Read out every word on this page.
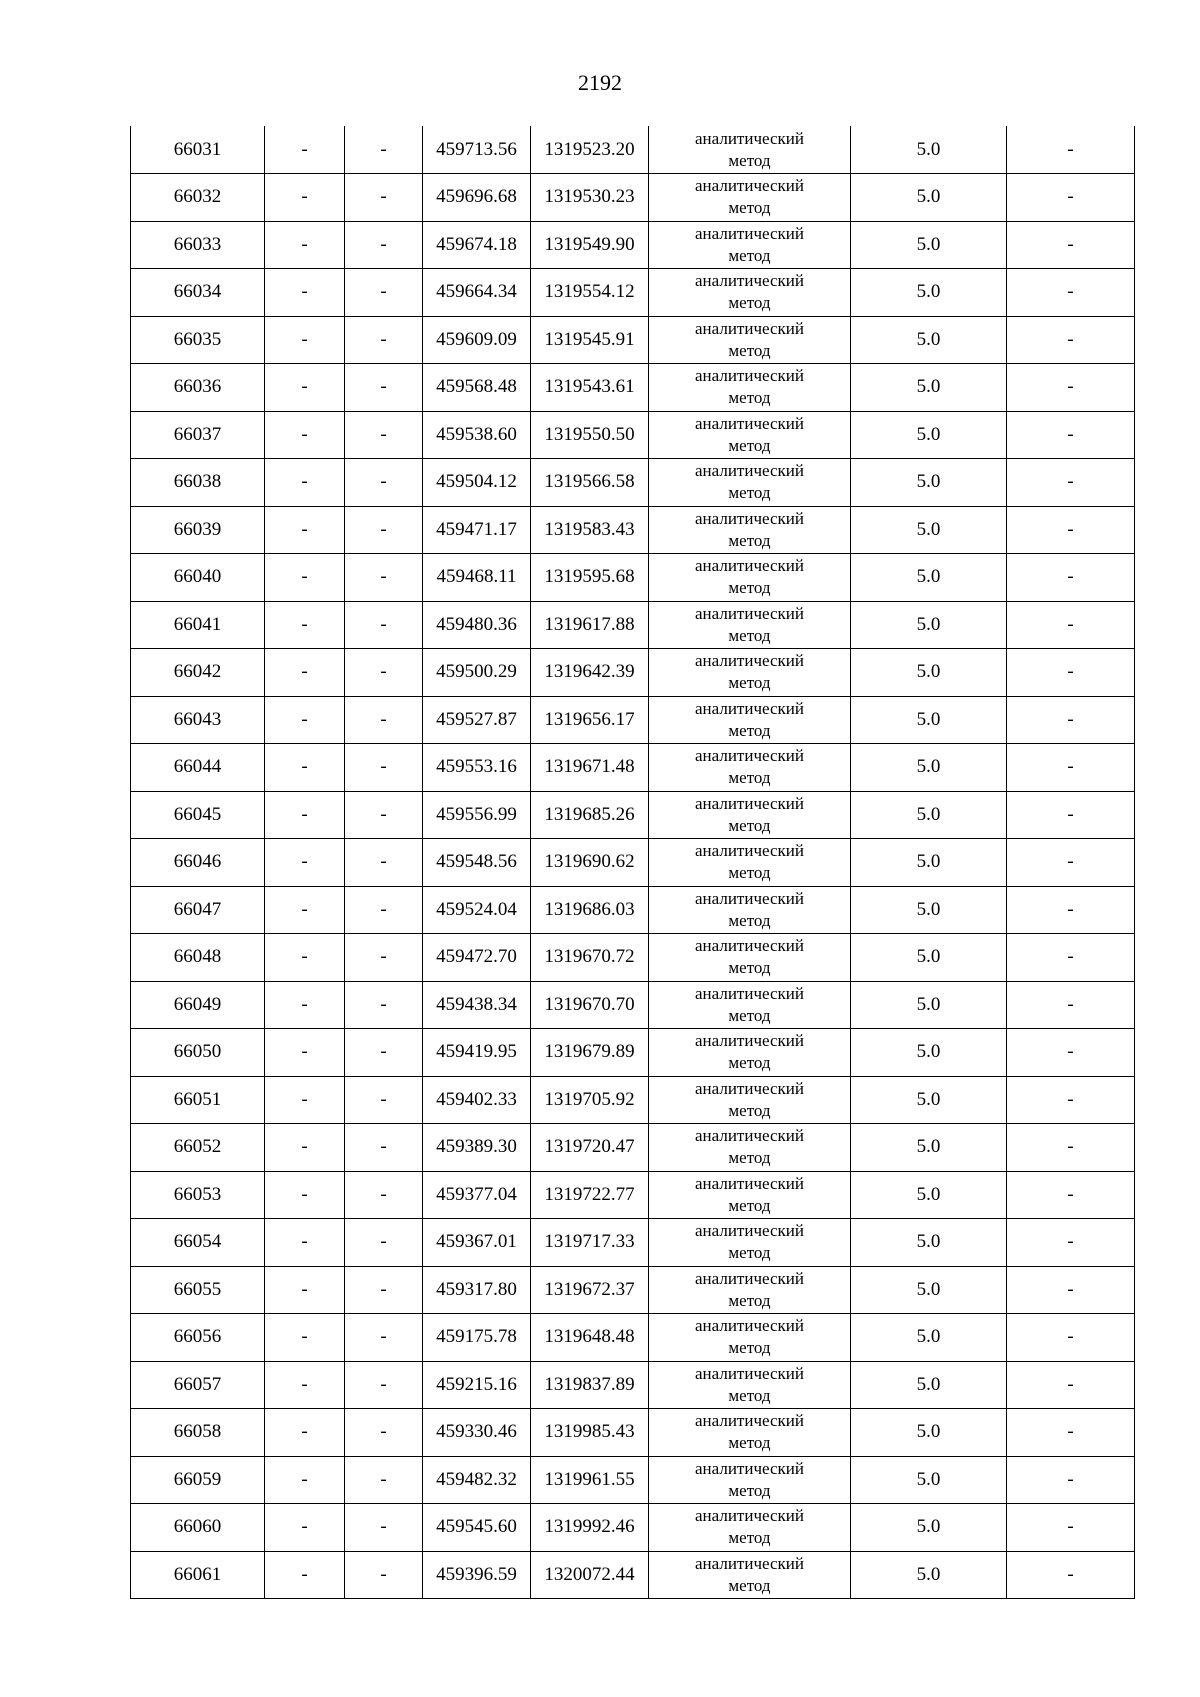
2192
66031	-	-	459713.56	1319523.20	аналитический
метод	5.0	-
66032	-	-	459696.68	1319530.23	аналитический
метод	5.0	-
66033	-	-	459674.18	1319549.90	аналитический
метод	5.0	-
66034	-	-	459664.34	1319554.12	аналитический
метод	5.0	-
66035	-	-	459609.09	1319545.91	аналитический
метод	5.0	-
66036	-	-	459568.48	1319543.61	аналитический
метод	5.0	-
66037	-	-	459538.60	1319550.50	аналитический
метод	5.0	-
66038	-	-	459504.12	1319566.58	аналитический
метод	5.0	-
66039	-	-	459471.17	1319583.43	аналитический
метод	5.0	-
66040	-	-	459468.11	1319595.68	аналитический
метод	5.0	-
66041	-	-	459480.36	1319617.88	аналитический
метод	5.0	-
66042	-	-	459500.29	1319642.39	аналитический
метод	5.0	-
66043	-	-	459527.87	1319656.17	аналитический
метод	5.0	-
66044	-	-	459553.16	1319671.48	аналитический
метод	5.0	-
66045	-	-	459556.99	1319685.26	аналитический
метод	5.0	-
66046	-	-	459548.56	1319690.62	аналитический
метод	5.0	-
66047	-	-	459524.04	1319686.03	аналитический
метод	5.0	-
66048	-	-	459472.70	1319670.72	аналитический
метод	5.0	-
66049	-	-	459438.34	1319670.70	аналитический
метод	5.0	-
66050	-	-	459419.95	1319679.89	аналитический
метод	5.0	-
66051	-	-	459402.33	1319705.92	аналитический
метод	5.0	-
66052	-	-	459389.30	1319720.47	аналитический
метод	5.0	-
66053	-	-	459377.04	1319722.77	аналитический
метод	5.0	-
66054	-	-	459367.01	1319717.33	аналитический
метод	5.0	-
66055	-	-	459317.80	1319672.37	аналитический
метод	5.0	-
66056	-	-	459175.78	1319648.48	аналитический
метод	5.0	-
66057	-	-	459215.16	1319837.89	аналитический
метод	5.0	-
66058	-	-	459330.46	1319985.43	аналитический
метод	5.0	-
66059	-	-	459482.32	1319961.55	аналитический
метод	5.0	-
66060	-	-	459545.60	1319992.46	аналитический
метод	5.0	-
66061	-	-	459396.59	1320072.44	аналитический
метод	5.0	-
